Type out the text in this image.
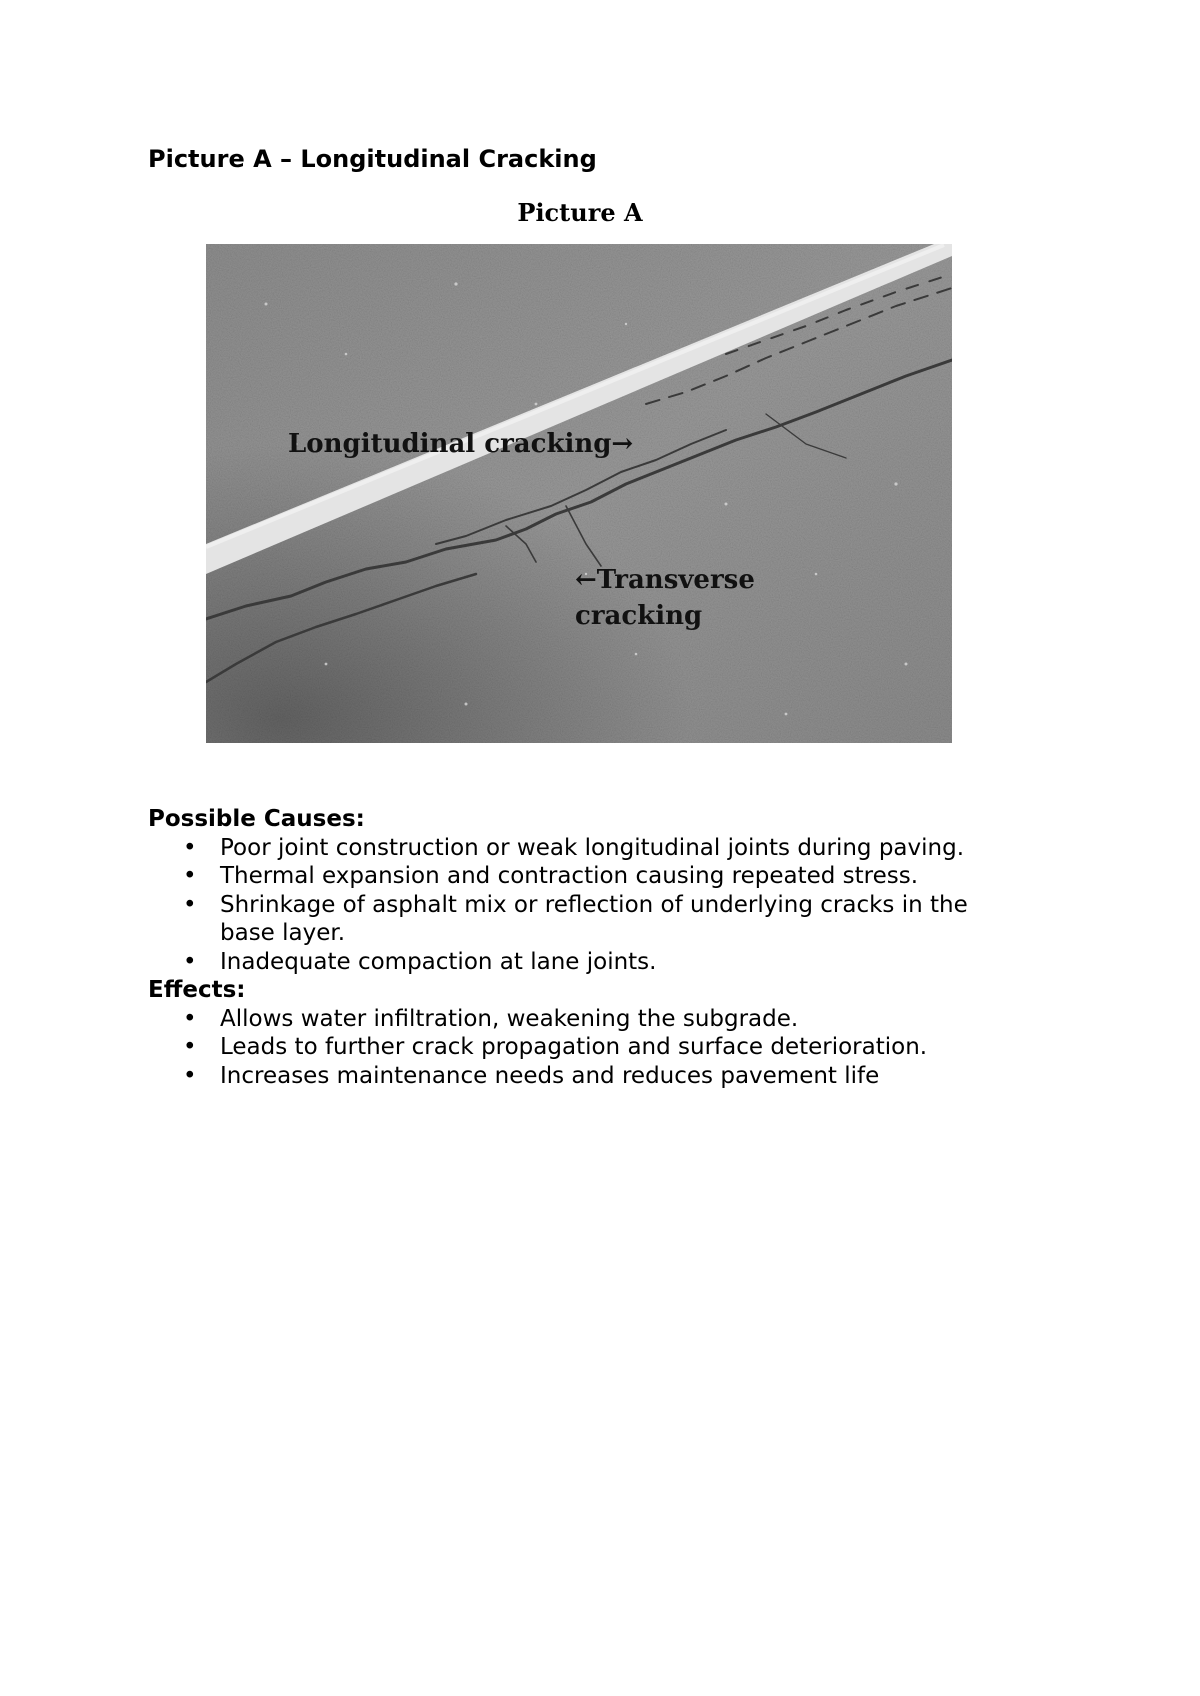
Picture A – Longitudinal Cracking
Picture A
Longitudinal cracking→
←Transverse cracking
Possible Causes:
• Poor joint construction or weak longitudinal joints during paving.
• Thermal expansion and contraction causing repeated stress.
• Shrinkage of asphalt mix or reflection of underlying cracks in the base layer.
• Inadequate compaction at lane joints.
Effects:
• Allows water infiltration, weakening the subgrade.
• Leads to further crack propagation and surface deterioration.
• Increases maintenance needs and reduces pavement life
